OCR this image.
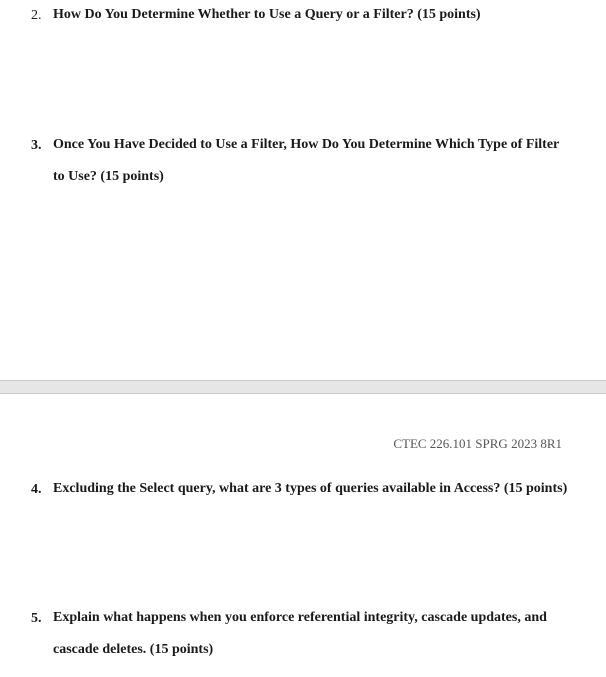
2. How Do You Determine Whether to Use a Query or a Filter? (15 points)
3. Once You Have Decided to Use a Filter, How Do You Determine Which Type of Filter to Use? (15 points)
CTEC 226.101 SPRG 2023 8R1
4. Excluding the Select query, what are 3 types of queries available in Access? (15 points)
5. Explain what happens when you enforce referential integrity, cascade updates, and cascade deletes. (15 points)
